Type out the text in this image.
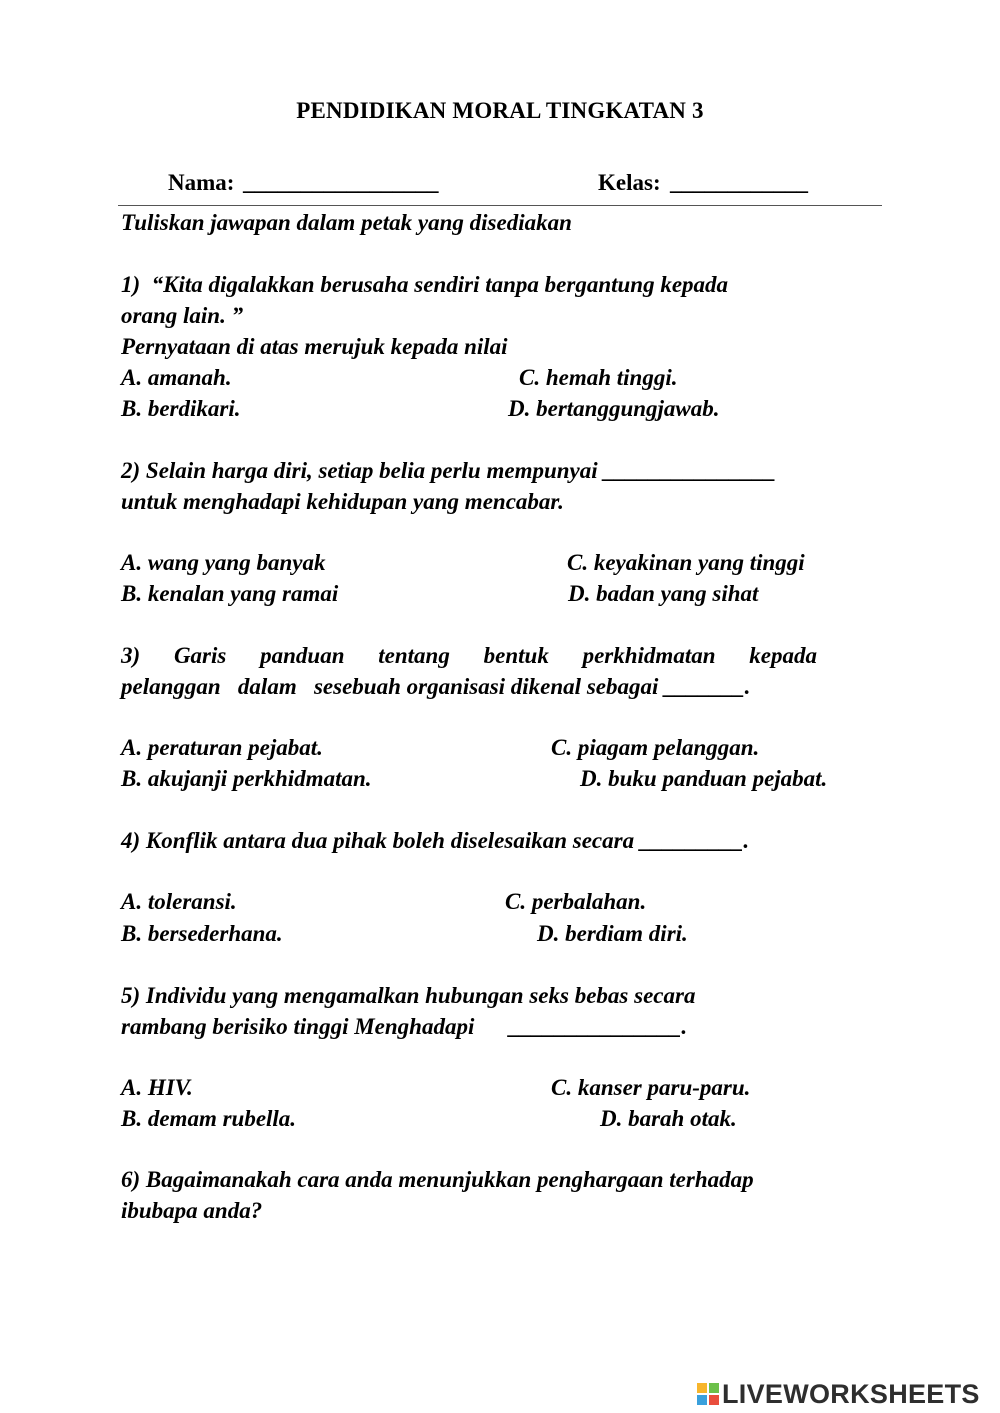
PENDIDIKAN MORAL TINGKATAN 3
Nama: _________________	Kelas: ____________
Tuliskan jawapan dalam petak yang disediakan
1)  “Kita digalakkan berusaha sendiri tanpa bergantung kepada
orang lain. ”
Pernyataan di atas merujuk kepada nilai
A. amanah.	C. hemah tinggi.
B. berdikari.	D. bertanggungjawab.
2) Selain harga diri, setiap belia perlu mempunyai _______________
untuk menghadapi kehidupan yang mencabar.
A. wang yang banyak	C. keyakinan yang tinggi
B. kenalan yang ramai	D. badan yang sihat
3) Garis panduan tentang bentuk perkhidmatan kepada
pelanggan   dalam   sesebuah organisasi dikenal sebagai _______.
A. peraturan pejabat.	C. piagam pelanggan.
B. akujanji perkhidmatan.	D. buku panduan pejabat.
4) Konflik antara dua pihak boleh diselesaikan secara _________.
A. toleransi.	C. perbalahan.
B. bersederhana.	D. berdiam diri.
5) Individu yang mengamalkan hubungan seks bebas secara
rambang berisiko tinggi Menghadapi      _______________.
A. HIV.	C. kanser paru-paru.
B. demam rubella.	D. barah otak.
6) Bagaimanakah cara anda menunjukkan penghargaan terhadap
ibubapa anda?
LIVEWORKSHEETS
